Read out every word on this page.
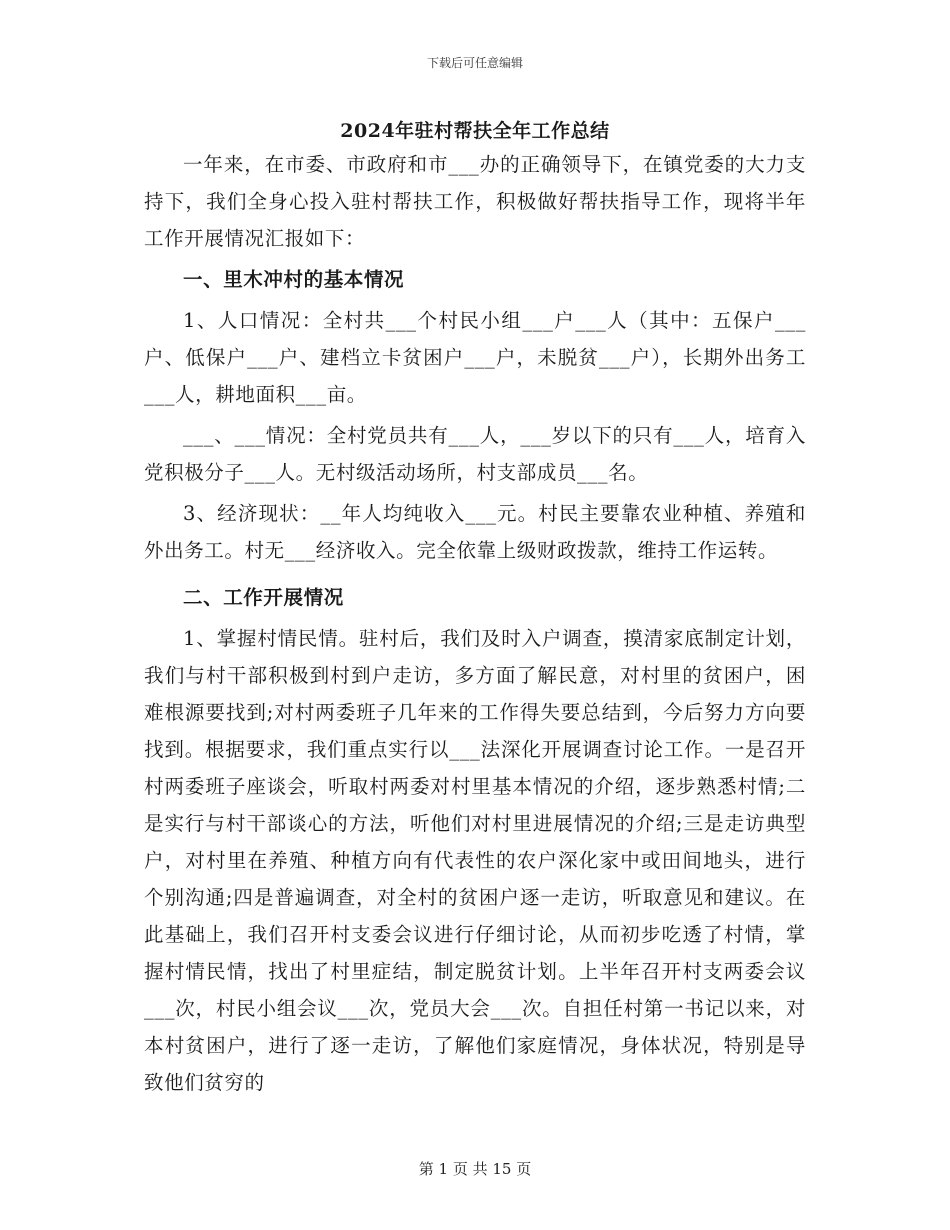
下载后可任意编辑
2024年驻村帮扶全年工作总结

一年来，在市委、市政府和市___办的正确领导下，在镇党委的大力支持下，我们全身心投入驻村帮扶工作，积极做好帮扶指导工作，现将半年工作开展情况汇报如下：

一、里木冲村的基本情况

1、人口情况：全村共___个村民小组___户___人（其中：五保户___户、低保户___户、建档立卡贫困户___户，未脱贫___户），长期外出务工___人，耕地面积___亩。

___、___情况：全村党员共有___人，___岁以下的只有___人，培育入党积极分子___人。无村级活动场所，村支部成员___名。

3、经济现状：__年人均纯收入___元。村民主要靠农业种植、养殖和外出务工。村无___经济收入。完全依靠上级财政拨款，维持工作运转。

二、工作开展情况

1、掌握村情民情。驻村后，我们及时入户调查，摸清家底制定计划，我们与村干部积极到村到户走访，多方面了解民意，对村里的贫困户，困难根源要找到;对村两委班子几年来的工作得失要总结到，今后努力方向要找到。根据要求，我们重点实行以___法深化开展调查讨论工作。一是召开村两委班子座谈会，听取村两委对村里基本情况的介绍，逐步熟悉村情;二是实行与村干部谈心的方法，听他们对村里进展情况的介绍;三是走访典型户，对村里在养殖、种植方向有代表性的农户深化家中或田间地头，进行个别沟通;四是普遍调查，对全村的贫困户逐一走访，听取意见和建议。在此基础上，我们召开村支委会议进行仔细讨论，从而初步吃透了村情，掌握村情民情，找出了村里症结，制定脱贫计划。上半年召开村支两委会议___次，村民小组会议___次，党员大会___次。自担任村第一书记以来，对本村贫困户，进行了逐一走访，了解他们家庭情况，身体状况，特别是导致他们贫穷的

第 1 页 共 15 页
